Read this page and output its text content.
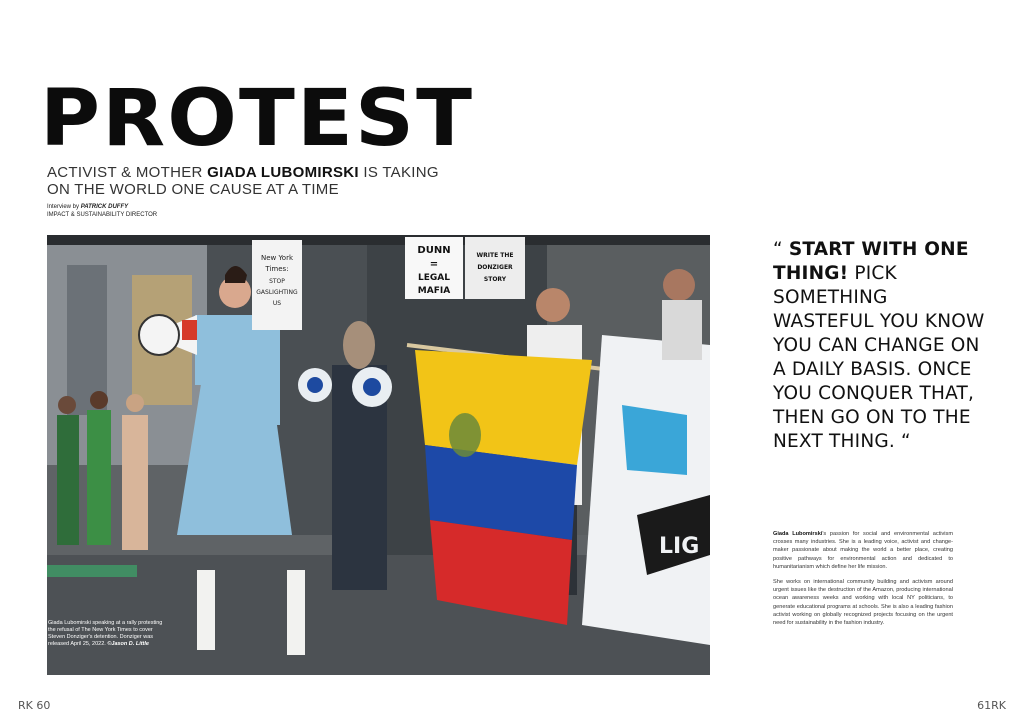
PROTEST
ACTIVIST & MOTHER GIADA LUBOMIRSKI IS TAKING ON THE WORLD ONE CAUSE AT A TIME
Interview by PATRICK DUFFY
IMPACT & SUSTAINABILITY DIRECTOR
New York
Times:
STOP
GASLIGHTING
US
DUNN
=
LEGAL
MAFIA
WRITE THE
DONZIGER
STORY
LIG
Giada Lubomirski speaking at a rally protesting the refusal of The New York Times to cover Steven Donziger's detention. Donziger was released April 25, 2022. ©Jason D. Little
“ START WITH ONE THING! PICK SOMETHING WASTEFUL YOU KNOW YOU CAN CHANGE ON A DAILY BASIS. ONCE YOU CONQUER THAT, THEN GO ON TO THE NEXT THING. “

Giada Lubomirski's passion for social and environmental activism crosses many industries. She is a leading voice, activist and change-maker passionate about making the world a better place, creating positive pathways for environmental action and dedicated to humanitarianism which define her life mission.

She works on international community building and activism around urgent issues like the destruction of the Amazon, producing international ocean awareness weeks and working with local NY politicians, to generate educational programs at schools. She is also a leading fashion activist working on globally recognized projects focusing on the urgent need for sustainability in the fashion industry.

RK 60	61RK
